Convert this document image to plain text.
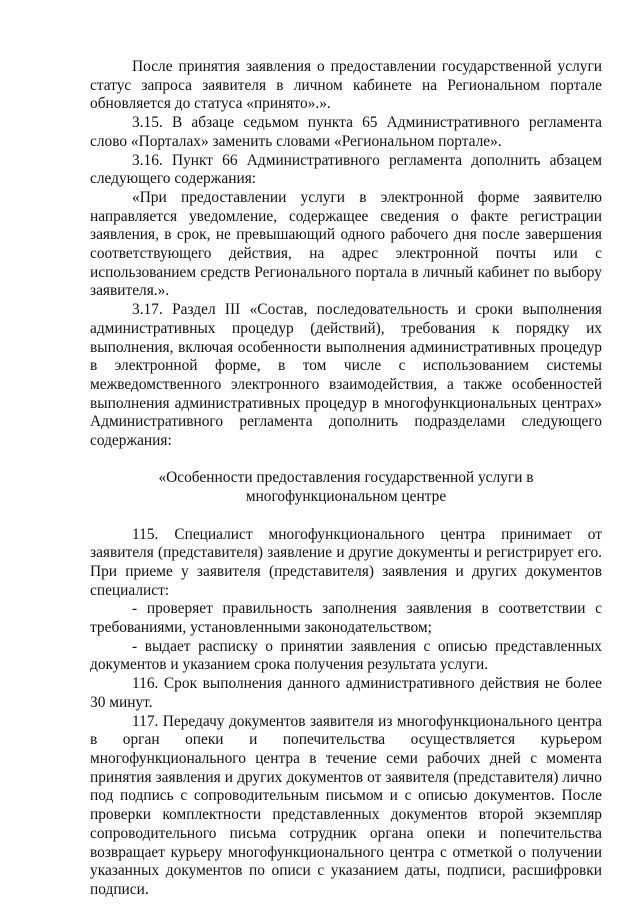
После принятия заявления о предоставлении государственной услуги статус запроса заявителя в личном кабинете на Региональном портале обновляется до статуса «принято».».

3.15. В абзаце седьмом пункта 65 Административного регламента слово «Порталах» заменить словами «Региональном портале».

3.16. Пункт 66 Административного регламента дополнить абзацем следующего содержания:

«При предоставлении услуги в электронной форме заявителю направляется уведомление, содержащее сведения о факте регистрации заявления, в срок, не превышающий одного рабочего дня после завершения соответствующего действия, на адрес электронной почты или с использованием средств Регионального портала в личный кабинет по выбору заявителя.».

3.17. Раздел III «Состав, последовательность и сроки выполнения административных процедур (действий), требования к порядку их выполнения, включая особенности выполнения административных процедур в электронной форме, в том числе с использованием системы межведомственного электронного взаимодействия, а также особенностей выполнения административных процедур в многофункциональных центрах» Административного регламента дополнить подразделами следующего содержания:

«Особенности предоставления государственной услуги в
многофункциональном центре

115. Специалист многофункционального центра принимает от заявителя (представителя) заявление и другие документы и регистрирует его. При приеме у заявителя (представителя) заявления и других документов специалист:

- проверяет правильность заполнения заявления в соответствии с требованиями, установленными законодательством;

- выдает расписку о принятии заявления с описью представленных документов и указанием срока получения результата услуги.

116. Срок выполнения данного административного действия не более 30 минут.

117. Передачу документов заявителя из многофункционального центра в орган опеки и попечительства осуществляется курьером многофункционального центра в течение семи рабочих дней с момента принятия заявления и других документов от заявителя (представителя) лично под подпись с сопроводительным письмом и с описью документов. После проверки комплектности представленных документов второй экземпляр сопроводительного письма сотрудник органа опеки и попечительства возвращает курьеру многофункционального центра с отметкой о получении указанных документов по описи с указанием даты, подписи, расшифровки подписи.
